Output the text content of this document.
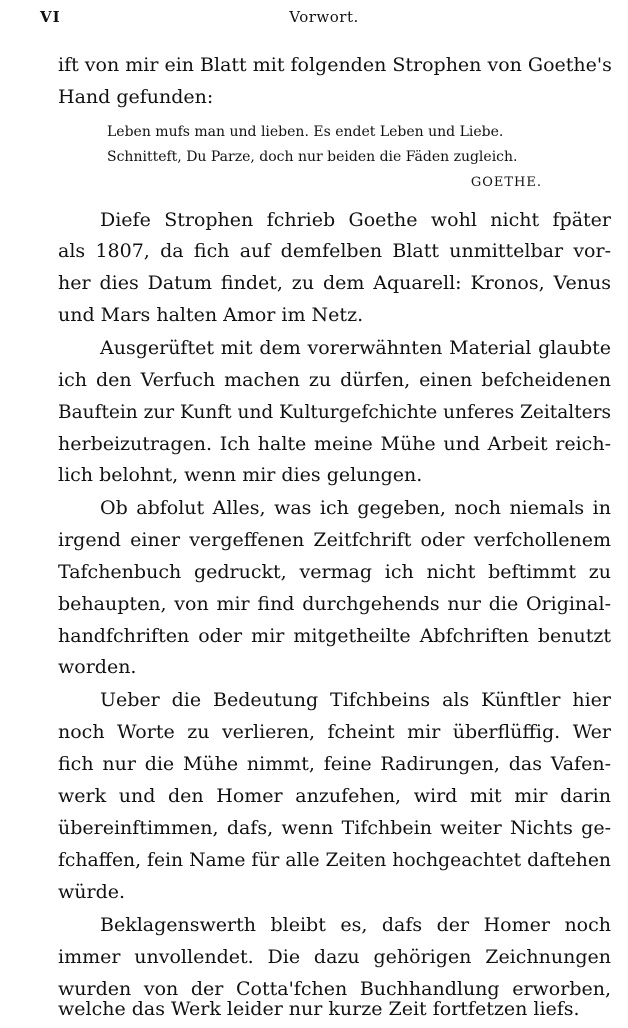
VI	Vorwort.
ift von mir ein Blatt mit folgenden Strophen von Goethe's
Hand gefunden:
Leben mufs man und lieben. Es endet Leben und Liebe.
Schnitteft, Du Parze, doch nur beiden die Fäden zugleich.
GOETHE.
Diefe Strophen fchrieb Goethe wohl nicht fpäter
als 1807, da fich auf demfelben Blatt unmittelbar vor-
her dies Datum findet, zu dem Aquarell: Kronos, Venus
und Mars halten Amor im Netz.
Ausgerüftet mit dem vorerwähnten Material glaubte
ich den Verfuch machen zu dürfen, einen befcheidenen
Bauftein zur Kunft und Kulturgefchichte unferes Zeitalters
herbeizutragen. Ich halte meine Mühe und Arbeit reich-
lich belohnt, wenn mir dies gelungen.
Ob abfolut Alles, was ich gegeben, noch niemals in
irgend einer vergeffenen Zeitfchrift oder verfchollenem
Tafchenbuch gedruckt, vermag ich nicht beftimmt zu
behaupten, von mir find durchgehends nur die Original-
handfchriften oder mir mitgetheilte Abfchriften benutzt
worden.
Ueber die Bedeutung Tifchbeins als Künftler hier
noch Worte zu verlieren, fcheint mir überflüffig. Wer
fich nur die Mühe nimmt, feine Radirungen, das Vafen-
werk und den Homer anzufehen, wird mit mir darin
übereinftimmen, dafs, wenn Tifchbein weiter Nichts ge-
fchaffen, fein Name für alle Zeiten hochgeachtet daftehen
würde.
Beklagenswerth bleibt es, dafs der Homer noch
immer unvollendet. Die dazu gehörigen Zeichnungen
wurden von der Cotta'fchen Buchhandlung erworben,
welche das Werk leider nur kurze Zeit fortfetzen liefs.
